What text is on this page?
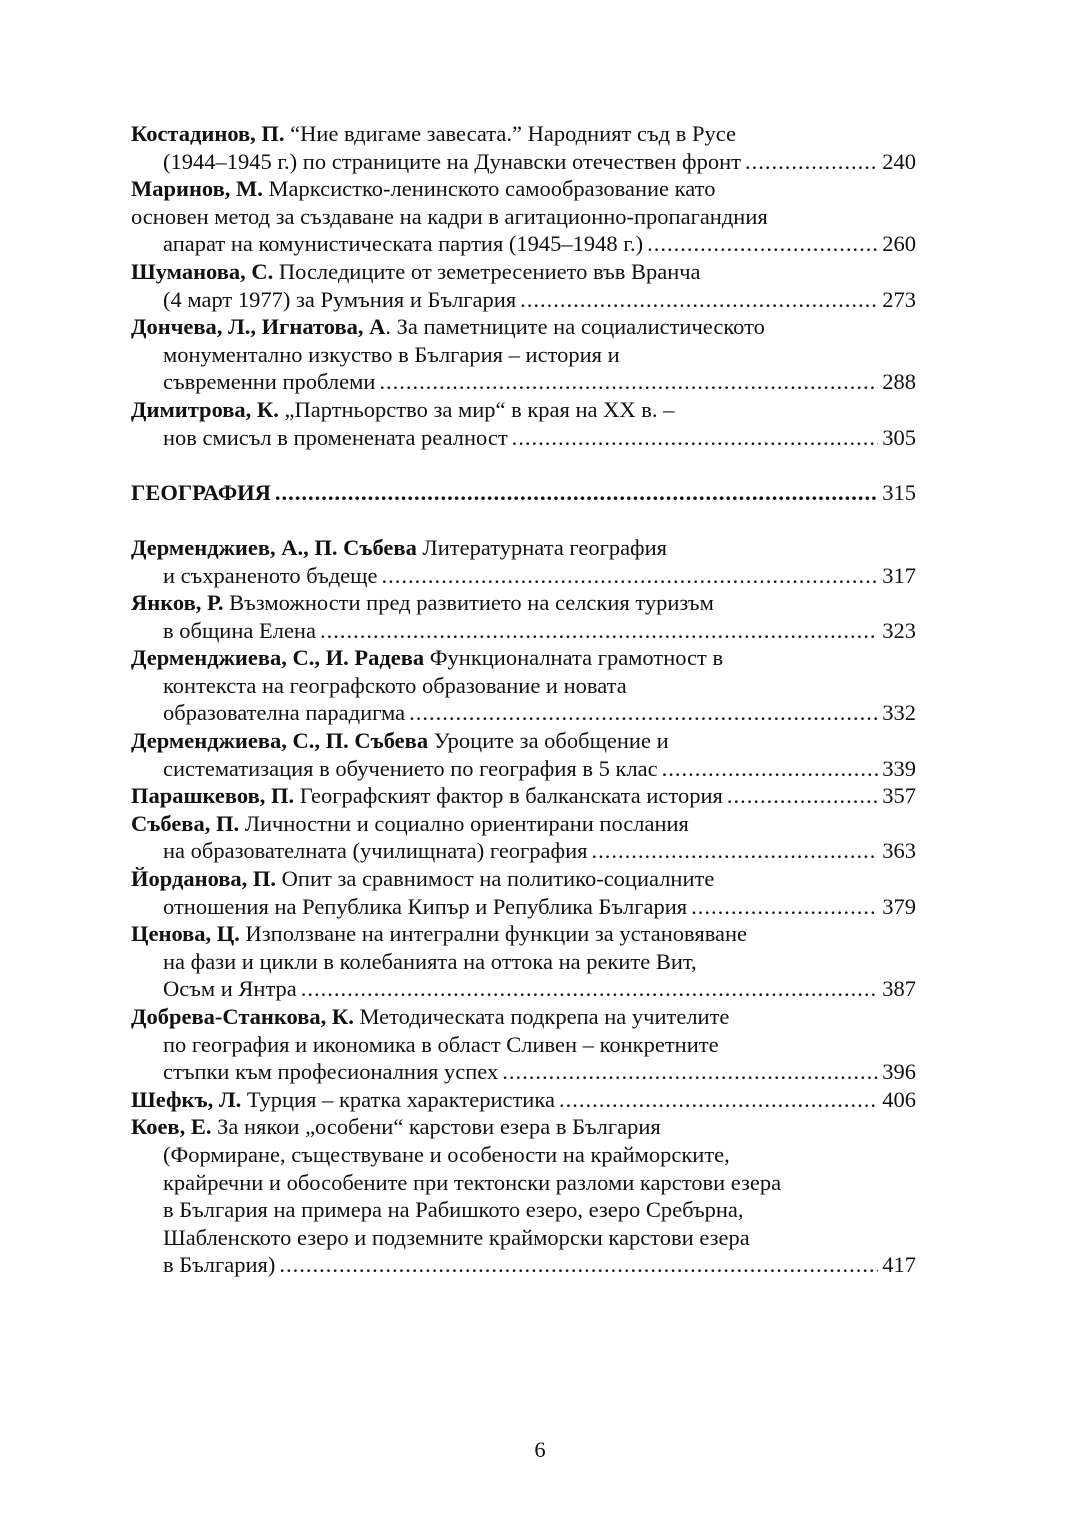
Костадинов, П. “Ние вдигаме завесата.” Народният съд в Русе
(1944–1945 г.) по страниците на Дунавски отечествен фронт .....	240
Маринов, М. Марксистко-ленинското самообразование като
основен метод за създаване на кадри в агитационно-пропагандния
апарат на комунистическата партия (1945–1948 г.) .....	260
Шуманова, С. Последиците от земетресението във Вранча
(4 март 1977) за Румъния и България .....	273
Дончева, Л., Игнатова, А. За паметниците на социалистическото
монументално изкуство в България – история и
съвременни проблеми .....	288
Димитрова, К. „Партньорство за мир“ в края на XX в. –
нов смисъл в променената реалност .....	305
ГЕОГРАФИЯ .....	315
Дерменджиев, А., П. Събева Литературната география
и съхраненото бъдеще .....	317
Янков, Р. Възможности пред развитието на селския туризъм
в община Елена .....	323
Дерменджиева, С., И. Радева Функционалната грамотност в
контекста на географското образование и новата
образователна парадигма .....	332
Дерменджиева, С., П. Събева Уроците за обобщение и
систематизация в обучението по география в 5 клас .....	339
Парашкевов, П. Географският фактор в балканската история .....	357
Събева, П. Личностни и социално ориентирани послания
на образователната (училищната) география .....	363
Йорданова, П. Опит за сравнимост на политико-социалните
отношения на Република Кипър и Република България .....	379
Ценова, Ц. Използване на интегрални функции за установяване
на фази и цикли в колебанията на оттока на реките Вит,
Осъм и Янтра .....	387
Добрева-Станкова, К. Методическата подкрепа на учителите
по география и икономика в област Сливен – конкретните
стъпки към професионалния успех .....	396
Шефкъ, Л. Турция – кратка характеристика .....	406
Коев, Е. За някои „особени“ карстови езера в България
(Формиране, съществуване и особености на крайморските,
крайречни и обособените при тектонски разломи карстови езера
в България на примера на Рабишкото езеро, езеро Сребърна,
Шабленското езеро и подземните крайморски карстови езера
в България) .....	417
6
